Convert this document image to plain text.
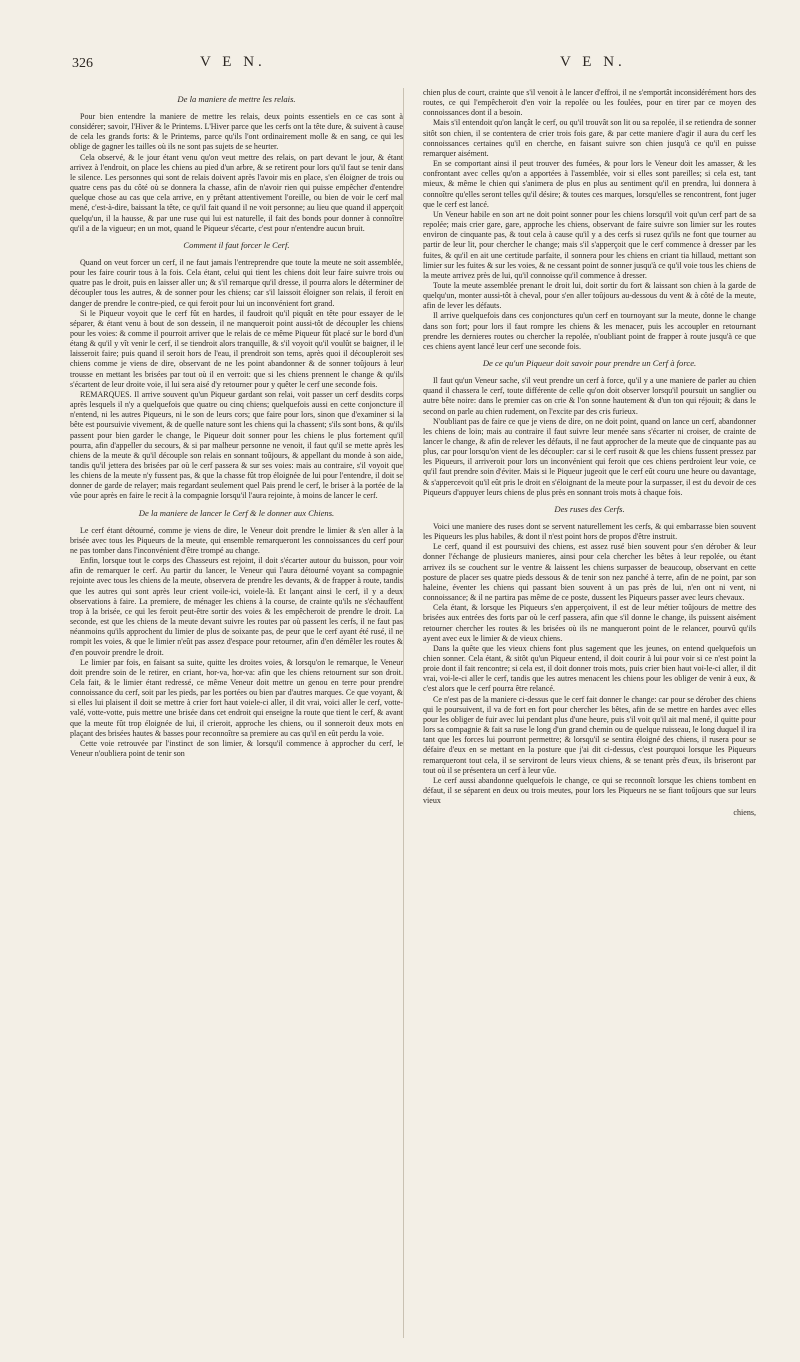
326	V E N.	V E N.
De la maniere de mettre les relais.

Pour bien entendre la maniere de mettre les relais, deux points essentiels en ce cas sont à considérer; savoir, l'Hiver & le Printems. L'Hiver parce que les cerfs ont la tête dure, & suivent à cause de cela les grands forts: & le Printems, parce qu'ils l'ont ordinairement molle & en sang, ce qui les oblige de gagner les tailles où ils ne sont pas sujets de se heurter.

Cela observé, & le jour étant venu qu'on veut mettre des relais, on part devant le jour, & étant arrivez à l'endroit, on place les chiens au pied d'un arbre, & se retirent pour lors qu'il faut se tenir dans le silence. Les personnes qui sont de relais doivent après l'avoir mis en place, s'en éloigner de trois ou quatre cens pas du côté où se donnera la chasse, afin de n'avoir rien qui puisse empêcher d'entendre quelque chose au cas que cela arrive, en y prêtant attentivement l'oreille, ou bien de voir le cerf mal mené, c'est-à-dire, baissant la tête, ce qu'il fait quand il ne voit personne; au lieu que quand il apperçoit quelqu'un, il la hausse, & par une ruse qui lui est naturelle, il fait des bonds pour donner à connoître qu'il a de la vigueur; en un mot, quand le Piqueur s'écarte, c'est pour n'entendre aucun bruit.

Comment il faut forcer le Cerf.

Quand on veut forcer un cerf, il ne faut jamais l'entreprendre que toute la meute ne soit assemblée, pour les faire courir tous à la fois. Cela étant, celui qui tient les chiens doit leur faire suivre trois ou quatre pas le droit, puis en laisser aller un; & s'il remarque qu'il dresse, il pourra alors le déterminer de découpler tous les autres, & de sonner pour les chiens; car s'il laissoit éloigner son relais, il feroit en danger de prendre le contre-pied, ce qui feroit pour lui un inconvénient fort grand.

Si le Piqueur voyoit que le cerf fût en hardes, il faudroit qu'il piquât en tête pour essayer de le séparer, & étant venu à bout de son dessein, il ne manqueroit point aussi-tôt de découpler les chiens pour les voies: & comme il pourroit arriver que le relais de ce même Piqueur fût placé sur le bord d'un étang & qu'il y vît venir le cerf, il se tiendroit alors tranquille, & s'il voyoit qu'il voulût se baigner, il le laisseroit faire; puis quand il seroit hors de l'eau, il prendroit son tems, après quoi il découpleroit ses chiens comme je viens de dire, observant de ne les point abandonner & de sonner toûjours à leur trousse en mettant les brisées par tout où il en verroit: que si les chiens prennent le change & qu'ils s'écartent de leur droite voie, il lui sera aisé d'y retourner pour y quêter le cerf une seconde fois.

REMARQUES. Il arrive souvent qu'un Piqueur gardant son relai, voit passer un cerf desdits corps après lesquels il n'y a quelquefois que quatre ou cinq chiens; quelquefois aussi en cette conjoncture il n'entend, ni les autres Piqueurs, ni le son de leurs cors; que faire pour lors, sinon que d'examiner si la bête est poursuivie vivement, & de quelle nature sont les chiens qui la chassent; s'ils sont bons, & qu'ils passent pour bien garder le change, le Piqueur doit sonner pour les chiens le plus fortement qu'il pourra, afin d'appeller du secours, & si par malheur personne ne venoit, il faut qu'il se mette après les chiens de la meute & qu'il découple son relais en sonnant toûjours, & appellant du monde à son aide, tandis qu'il jettera des brisées par où le cerf passera & sur ses voies: mais au contraire, s'il voyoit que les chiens de la meute n'y fussent pas, & que la chasse fût trop éloignée de lui pour l'entendre, il doit se donner de garde de relayer; mais regardant seulement quel Pais prend le cerf, le briser à la portée de la vûe pour après en faire le recit à la compagnie lorsqu'il l'aura rejointe, à moins de lancer le cerf.

De la maniere de lancer le Cerf & le donner aux Chiens.

Le cerf étant détourné, comme je viens de dire, le Veneur doit prendre le limier & s'en aller à la brisée avec tous les Piqueurs de la meute, qui ensemble remarqueront les connoissances du cerf pour ne pas tomber dans l'inconvénient d'être trompé au change.

Enfin, lorsque tout le corps des Chasseurs est rejoint, il doit s'écarter autour du buisson, pour voir afin de remarquer le cerf. Au partir du lancer, le Veneur qui l'aura détourné voyant sa compagnie rejointe avec tous les chiens de la meute, observera de prendre les devants, & de frapper à route, tandis que les autres qui sont après leur crient voile-ici, voiele-là. Et lançant ainsi le cerf, il y a deux observations à faire. La premiere, de ménager les chiens à la course, de crainte qu'ils ne s'échauffent trop à la brisée, ce qui les feroit peut-être sortir des voies & les empêcheroit de prendre le droit. La seconde, est que les chiens de la meute devant suivre les routes par où passent les cerfs, il ne faut pas néanmoins qu'ils approchent du limier de plus de soixante pas, de peur que le cerf ayant été rusé, il ne rompit les voies, & que le limier n'eût pas assez d'espace pour retourner, afin d'en démêler les routes & d'en pouvoir prendre le droit.

Le limier par fois, en faisant sa suite, quitte les droites voies, & lorsqu'on le remarque, le Veneur doit prendre soin de le retirer, en criant, hor-va, hor-va: afin que les chiens retournent sur son droit. Cela fait, & le limier étant redressé, ce même Veneur doit mettre un genou en terre pour prendre connoissance du cerf, soit par les pieds, par les portées ou bien par d'autres marques. Ce que voyant, & si elles lui plaisent il doit se mettre à crier fort haut voiele-ci aller, il dit vrai, voici aller le cerf, votte-valé, votte-votte, puis mettre une brisée dans cet endroit qui enseigne la route que tient le cerf, & avant que la meute fût trop éloignée de lui, il crieroit, approche les chiens, ou il sonneroit deux mots en plaçant des brisées hautes & basses pour reconnoître sa premiere au cas qu'il en eût perdu la voie.

Cette voie retrouvée par l'instinct de son limier, & lorsqu'il commence à approcher du cerf, le Veneur n'oubliera point de tenir son

chien plus de court, crainte que s'il venoit à le lancer d'effroi, il ne s'emportât inconsidérément hors des routes, ce qui l'empêcheroit d'en voir la repolée ou les foulées, pour en tirer par ce moyen des connoissances dont il a besoin.

Mais s'il entendoit qu'on lançât le cerf, ou qu'il trouvât son lit ou sa repolée, il se retiendra de sonner sitôt son chien, il se contentera de crier trois fois gare, & par cette maniere d'agir il aura du cerf les connoissances certaines qu'il en cherche, en faisant suivre son chien jusqu'à ce qu'il en puisse remarquer aisément.

En se comportant ainsi il peut trouver des fumées, & pour lors le Veneur doit les amasser, & les confrontant avec celles qu'on a apportées à l'assemblée, voir si elles sont pareilles; si cela est, tant mieux, & même le chien qui s'animera de plus en plus au sentiment qu'il en prendra, lui donnera à connoître qu'elles seront telles qu'il désire; & toutes ces marques, lorsqu'elles se rencontrent, font juger que le cerf est lancé.

Un Veneur habile en son art ne doit point sonner pour les chiens lorsqu'il voit qu'un cerf part de sa repolée; mais crier gare, gare, approche les chiens, observant de faire suivre son limier sur les routes environ de cinquante pas, & tout cela à cause qu'il y a des cerfs si rusez qu'ils ne font que tourner au partir de leur lit, pour chercher le change; mais s'il s'apperçoit que le cerf commence à dresser par les fuites, & qu'il en ait une certitude parfaite, il sonnera pour les chiens en criant tia hillaud, mettant son limier sur les fuites & sur les voies, & ne cessant point de sonner jusqu'à ce qu'il voie tous les chiens de la meute arrivez près de lui, qu'il connoisse qu'il commence à dresser.

Toute la meute assemblée prenant le droit lui, doit sortir du fort & laissant son chien à la garde de quelqu'un, monter aussi-tôt à cheval, pour s'en aller toûjours au-dessous du vent & à côté de la meute, afin de lever les défauts.

Il arrive quelquefois dans ces conjonctures qu'un cerf en tournoyant sur la meute, donne le change dans son fort; pour lors il faut rompre les chiens & les menacer, puis les accoupler en retournant prendre les dernieres routes ou chercher la repolée, n'oubliant point de frapper à route jusqu'à ce que ces chiens ayent lancé leur cerf une seconde fois.

De ce qu'un Piqueur doit savoir pour prendre un Cerf à force.

Il faut qu'un Veneur sache, s'il veut prendre un cerf à force, qu'il y a une maniere de parler au chien quand il chassera le cerf, toute différente de celle qu'on doit observer lorsqu'il poursuit un sanglier ou autre bête noire: dans le premier cas on crie & l'on sonne hautement & d'un ton qui réjouit; & dans le second on parle au chien rudement, on l'excite par des cris furieux.

N'oubliant pas de faire ce que je viens de dire, on ne doit point, quand on lance un cerf, abandonner les chiens de loin; mais au contraire il faut suivre leur menée sans s'écarter ni croiser, de crainte de lancer le change, & afin de relever les défauts, il ne faut approcher de la meute que de cinquante pas au plus, car pour lorsqu'on vient de les découpler: car si le cerf rusoit & que les chiens fussent pressez par les Piqueurs, il arriveroit pour lors un inconvénient qui feroit que ces chiens perdroient leur voie, ce qu'il faut prendre soin d'éviter. Mais si le Piqueur jugeoit que le cerf eût couru une heure ou davantage, & s'appercevoit qu'il eût pris le droit en s'éloignant de la meute pour la surpasser, il est du devoir de ces Piqueurs d'appuyer leurs chiens de plus près en sonnant trois mots à chaque fois.

Des ruses des Cerfs.

Voici une maniere des ruses dont se servent naturellement les cerfs, & qui embarrasse bien souvent les Piqueurs les plus habiles, & dont il n'est point hors de propos d'être instruit.

Le cerf, quand il est poursuivi des chiens, est assez rusé bien souvent pour s'en dérober & leur donner l'échange de plusieurs manieres, ainsi pour cela chercher les bêtes à leur repolée, ou étant arrivez ils se couchent sur le ventre & laissent les chiens surpasser de beaucoup, observant en cette posture de placer ses quatre pieds dessous & de tenir son nez panché à terre, afin de ne point, par son haleine, éventer les chiens qui passant bien souvent à un pas près de lui, n'en ont ni vent, ni connoissance; & il ne partira pas même de ce poste, dussent les Piqueurs passer avec leurs chevaux.

Cela étant, & lorsque les Piqueurs s'en apperçoivent, il est de leur métier toûjours de mettre des brisées aux entrées des forts par où le cerf passera, afin que s'il donne le change, ils puissent aisément retourner chercher les routes & les brisées où ils ne manqueront point de le relancer, pourvû qu'ils ayent avec eux le limier & de vieux chiens.

Dans la quête que les vieux chiens font plus sagement que les jeunes, on entend quelquefois un chien sonner. Cela étant, & sitôt qu'un Piqueur entend, il doit courir à lui pour voir si ce n'est point la proie dont il fait rencontre; si cela est, il doit donner trois mots, puis crier bien haut voi-le-ci aller, il dit vrai, voi-le-ci aller le cerf, tandis que les autres menacent les chiens pour les obliger de venir à eux, & c'est alors que le cerf pourra être relancé.

Ce n'est pas de la maniere ci-dessus que le cerf fait donner le change: car pour se dérober des chiens qui le poursuivent, il va de fort en fort pour chercher les bêtes, afin de se mettre en hardes avec elles pour les obliger de fuir avec lui pendant plus d'une heure, puis s'il voit qu'il ait mal mené, il quitte pour lors sa compagnie & fait sa ruse le long d'un grand chemin ou de quelque ruisseau, le long duquel il ira tant que les forces lui pourront permettre; & lorsqu'il se sentira éloigné des chiens, il rusera pour se défaire d'eux en se mettant en la posture que j'ai dit ci-dessus, c'est pourquoi lorsque les Piqueurs remarqueront tout cela, il se serviront de leurs vieux chiens, & se tenant près d'eux, ils briseront par tout où il se présentera un cerf à leur vûe.

Le cerf aussi abandonne quelquefois le change, ce qui se reconnoît lorsque les chiens tombent en défaut, il se séparent en deux ou trois meutes, pour lors les Piqueurs ne se fiant toûjours que sur leurs vieux

chiens,
